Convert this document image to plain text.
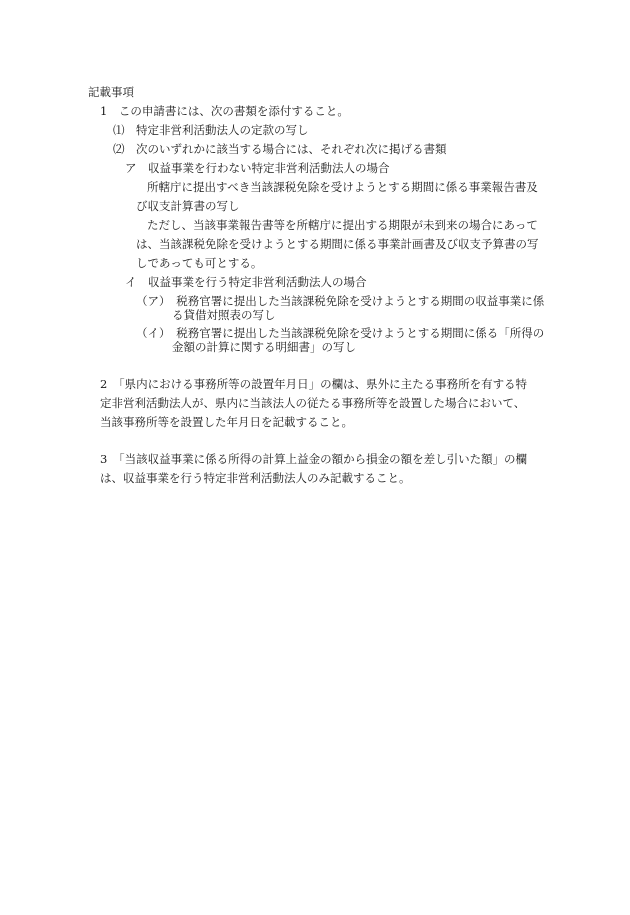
記載事項
1　この申請書には、次の書類を添付すること。
⑴　特定非営利活動法人の定款の写し
⑵　次のいずれかに該当する場合には、それぞれ次に掲げる書類
ア　収益事業を行わない特定非営利活動法人の場合
所轄庁に提出すべき当該課税免除を受けようとする期間に係る事業報告書及
び収支計算書の写し
ただし、当該事業報告書等を所轄庁に提出する期限が未到来の場合にあって
は、当該課税免除を受けようとする期間に係る事業計画書及び収支予算書の写
しであっても可とする。
イ　収益事業を行う特定非営利活動法人の場合
（ア）　税務官署に提出した当該課税免除を受けようとする期間の収益事業に係
る貸借対照表の写し
（イ）　税務官署に提出した当該課税免除を受けようとする期間に係る「所得の
金額の計算に関する明細書」の写し
2　「県内における事務所等の設置年月日」の欄は、県外に主たる事務所を有する特
定非営利活動法人が、県内に当該法人の従たる事務所等を設置した場合において、
当該事務所等を設置した年月日を記載すること。
3　「当該収益事業に係る所得の計算上益金の額から損金の額を差し引いた額」の欄
は、収益事業を行う特定非営利活動法人のみ記載すること。
